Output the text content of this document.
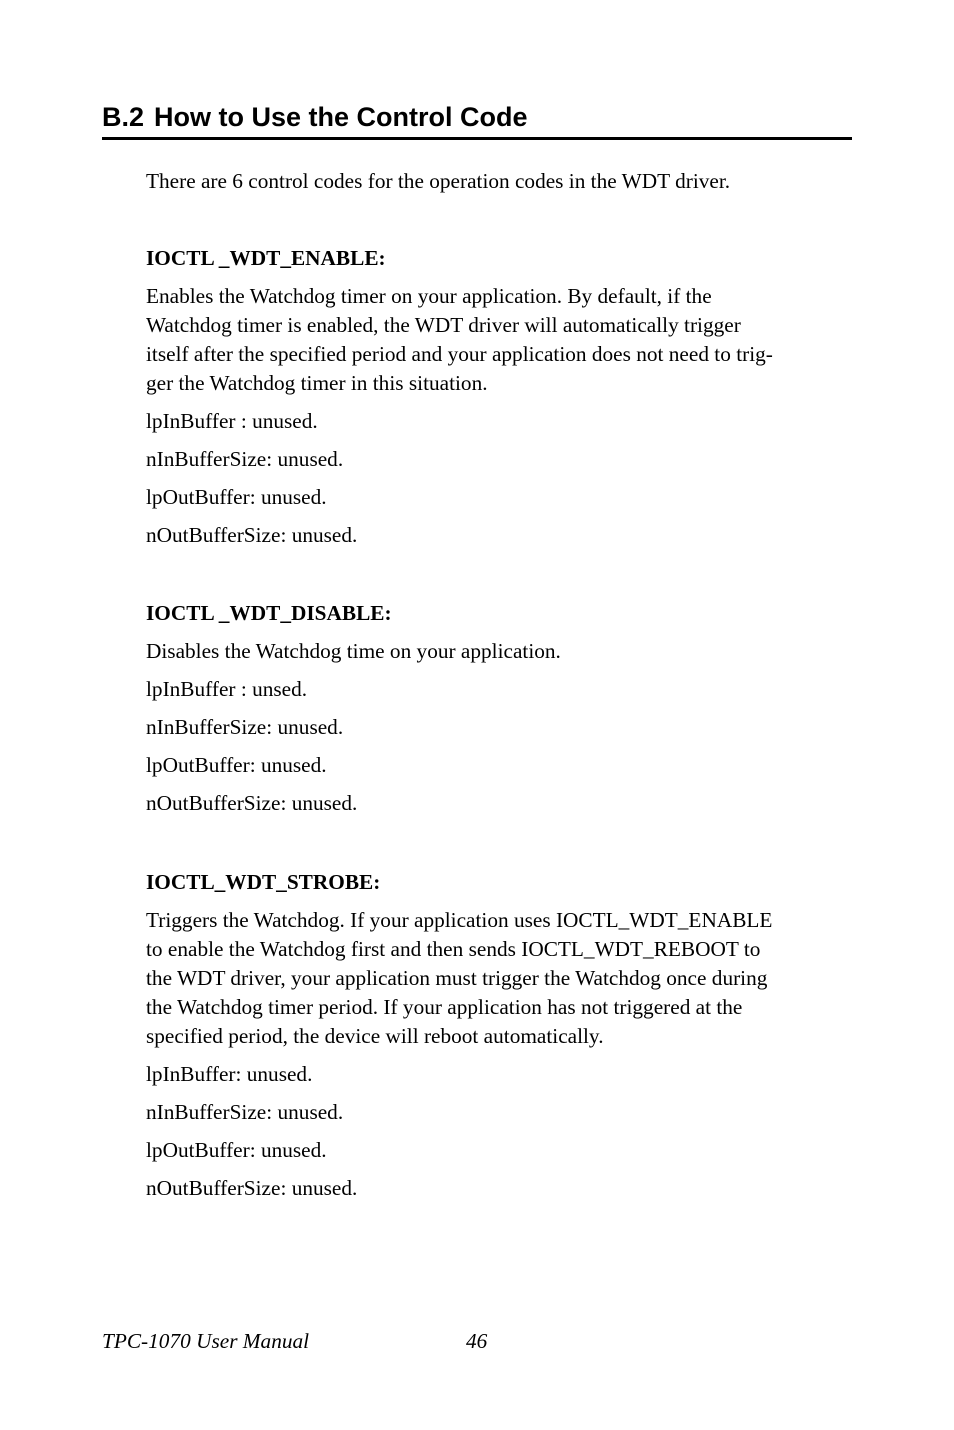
B.2 How to Use the Control Code

There are 6 control codes for the operation codes in the WDT driver.

IOCTL _WDT_ENABLE:

Enables the Watchdog timer on your application. By default, if the
Watchdog timer is enabled, the WDT driver will automatically trigger
itself after the specified period and your application does not need to trig-
ger the Watchdog timer in this situation.

lpInBuffer : unused.

nInBufferSize: unused.

lpOutBuffer: unused.

nOutBufferSize: unused.

IOCTL _WDT_DISABLE:

Disables the Watchdog time on your application.

lpInBuffer : unsed.

nInBufferSize: unused.

lpOutBuffer: unused.

nOutBufferSize: unused.

IOCTL_WDT_STROBE:

Triggers the Watchdog. If your application uses IOCTL_WDT_ENABLE
to enable the Watchdog first and then sends IOCTL_WDT_REBOOT to
the WDT driver, your application must trigger the Watchdog once during
the Watchdog timer period. If your application has not triggered at the
specified period, the device will reboot automatically.

lpInBuffer: unused.

nInBufferSize: unused.

lpOutBuffer: unused.

nOutBufferSize: unused.

TPC-1070 User Manual	46
